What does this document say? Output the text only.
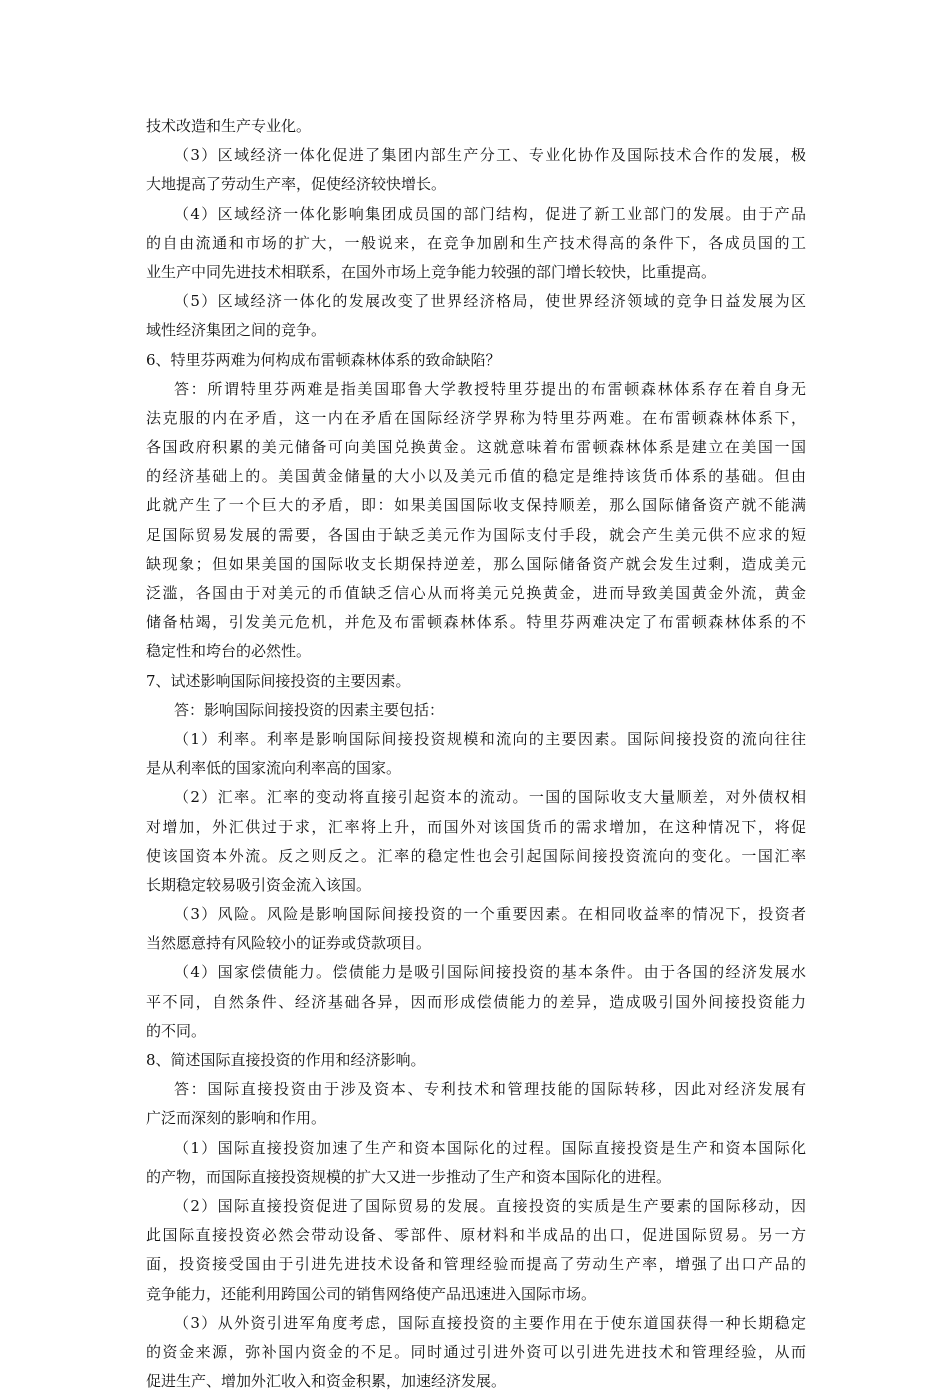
技术改造和生产专业化。
（3）区域经济一体化促进了集团内部生产分工、专业化协作及国际技术合作的发展，极
大地提高了劳动生产率，促使经济较快增长。
（4）区域经济一体化影响集团成员国的部门结构，促进了新工业部门的发展。由于产品
的自由流通和市场的扩大，一般说来，在竞争加剧和生产技术得高的条件下，各成员国的工
业生产中同先进技术相联系，在国外市场上竞争能力较强的部门增长较快，比重提高。
（5）区域经济一体化的发展改变了世界经济格局，使世界经济领域的竞争日益发展为区
域性经济集团之间的竞争。
6、特里芬两难为何构成布雷顿森林体系的致命缺陷？
答：所谓特里芬两难是指美国耶鲁大学教授特里芬提出的布雷顿森林体系存在着自身无
法克服的内在矛盾，这一内在矛盾在国际经济学界称为特里芬两难。在布雷顿森林体系下，
各国政府积累的美元储备可向美国兑换黄金。这就意味着布雷顿森林体系是建立在美国一国
的经济基础上的。美国黄金储量的大小以及美元币值的稳定是维持该货币体系的基础。但由
此就产生了一个巨大的矛盾，即：如果美国国际收支保持顺差，那么国际储备资产就不能满
足国际贸易发展的需要，各国由于缺乏美元作为国际支付手段，就会产生美元供不应求的短
缺现象；但如果美国的国际收支长期保持逆差，那么国际储备资产就会发生过剩，造成美元
泛滥，各国由于对美元的币值缺乏信心从而将美元兑换黄金，进而导致美国黄金外流，黄金
储备枯竭，引发美元危机，并危及布雷顿森林体系。特里芬两难决定了布雷顿森林体系的不
稳定性和垮台的必然性。
7、试述影响国际间接投资的主要因素。
答：影响国际间接投资的因素主要包括：
（1）利率。利率是影响国际间接投资规模和流向的主要因素。国际间接投资的流向往往
是从利率低的国家流向利率高的国家。
（2）汇率。汇率的变动将直接引起资本的流动。一国的国际收支大量顺差，对外债权相
对增加，外汇供过于求，汇率将上升，而国外对该国货币的需求增加，在这种情况下，将促
使该国资本外流。反之则反之。汇率的稳定性也会引起国际间接投资流向的变化。一国汇率
长期稳定较易吸引资金流入该国。
（3）风险。风险是影响国际间接投资的一个重要因素。在相同收益率的情况下，投资者
当然愿意持有风险较小的证券或贷款项目。
（4）国家偿债能力。偿债能力是吸引国际间接投资的基本条件。由于各国的经济发展水
平不同，自然条件、经济基础各异，因而形成偿债能力的差异，造成吸引国外间接投资能力
的不同。
8、简述国际直接投资的作用和经济影响。
答：国际直接投资由于涉及资本、专利技术和管理技能的国际转移，因此对经济发展有
广泛而深刻的影响和作用。
（1）国际直接投资加速了生产和资本国际化的过程。国际直接投资是生产和资本国际化
的产物，而国际直接投资规模的扩大又进一步推动了生产和资本国际化的进程。
（2）国际直接投资促进了国际贸易的发展。直接投资的实质是生产要素的国际移动，因
此国际直接投资必然会带动设备、零部件、原材料和半成品的出口，促进国际贸易。另一方
面，投资接受国由于引进先进技术设备和管理经验而提高了劳动生产率，增强了出口产品的
竞争能力，还能利用跨国公司的销售网络使产品迅速进入国际市场。
（3）从外资引进军角度考虑，国际直接投资的主要作用在于使东道国获得一种长期稳定
的资金来源，弥补国内资金的不足。同时通过引进外资可以引进先进技术和管理经验，从而
促进生产、增加外汇收入和资金积累，加速经济发展。
